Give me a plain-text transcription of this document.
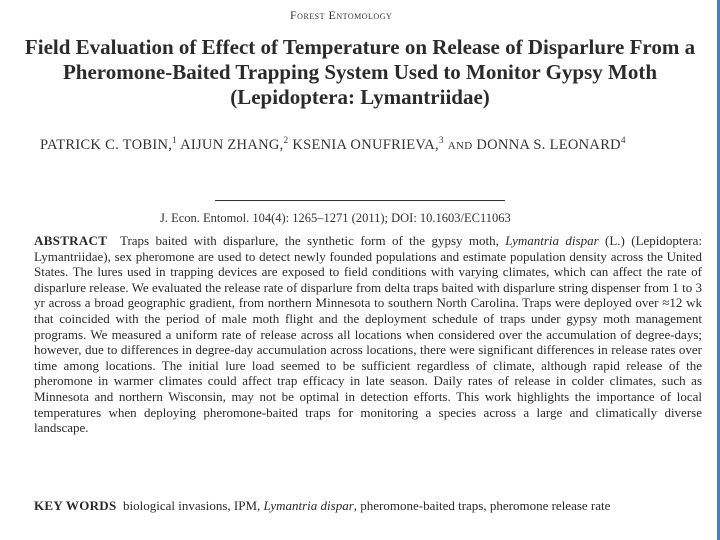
Forest Entomology
Field Evaluation of Effect of Temperature on Release of Disparlure From a Pheromone-Baited Trapping System Used to Monitor Gypsy Moth (Lepidoptera: Lymantriidae)
PATRICK C. TOBIN,$^1$ AIJUN ZHANG,$^2$ KSENIA ONUFRIEVA,$^3$ AND DONNA S. LEONARD$^4$
J. Econ. Entomol. 104(4): 1265–1271 (2011); DOI: 10.1603/EC11063
ABSTRACT Traps baited with disparlure, the synthetic form of the gypsy moth, Lymantria dispar (L.) (Lepidoptera: Lymantriidae), sex pheromone are used to detect newly founded populations and estimate population density across the United States. The lures used in trapping devices are exposed to field conditions with varying climates, which can affect the rate of disparlure release. We evaluated the release rate of disparlure from delta traps baited with disparlure string dispenser from 1 to 3 yr across a broad geographic gradient, from northern Minnesota to southern North Carolina. Traps were deployed over ≈12 wk that coincided with the period of male moth flight and the deployment schedule of traps under gypsy moth management programs. We measured a uniform rate of release across all locations when considered over the accumulation of degree-days; however, due to differences in degree-day accumulation across locations, there were significant differences in release rates over time among locations. The initial lure load seemed to be sufficient regardless of climate, although rapid release of the pheromone in warmer climates could affect trap efficacy in late season. Daily rates of release in colder climates, such as Minnesota and northern Wisconsin, may not be optimal in detection efforts. This work highlights the importance of local temperatures when deploying pheromone-baited traps for monitoring a species across a large and climatically diverse landscape.
KEY WORDS biological invasions, IPM, Lymantria dispar, pheromone-baited traps, pheromone release rate
